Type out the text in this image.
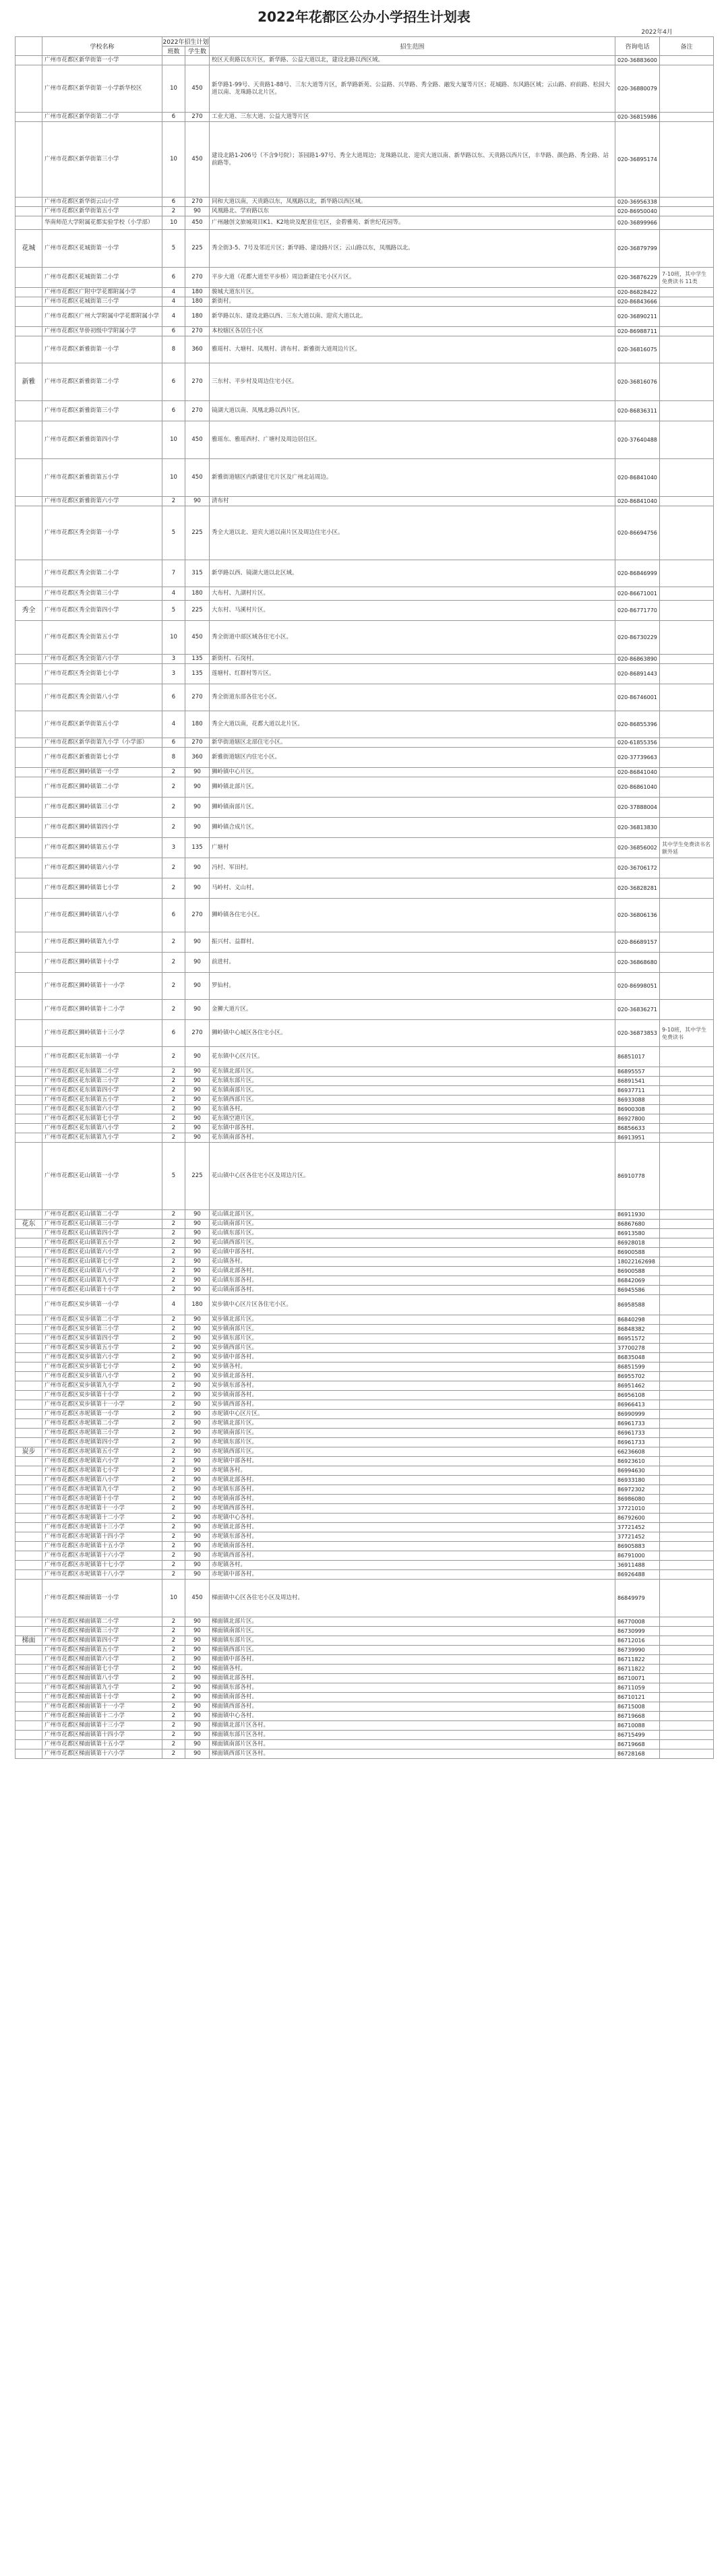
2022年花都区公办小学招生计划表
2022年4月
	学校名称	2022年招生计划		招生范围	咨询电话	备注
		班数	学生数			
	广州市花都区新华街第一小学			校区天贵路以东片区，新华路、公益大道以北，建设北路以西区域。	020-36883600	
	广州市花都区新华街第一小学新华校区	10	450	新华路1-99号、天贵路1-88号、三东大道等片区，新华路新苑、公益路、兴华路、秀全路、融发大厦等片区；花城路、东风路区域；云山路、府前路、松园大道以南、龙珠路以北片区。	020-36880079	
	广州市花都区新华街第二小学	6	270	工业大道、三东大道、公益大道等片区	020-36815986	
	广州市花都区新华街第三小学	10	450	建设北路1-206号（不含9号院）；茶园路1-97号、秀全大道周边；龙珠路以北、迎宾大道以南、新华路以东、天贵路以西片区，丰华路、颜色路、秀全路、站前路等。	020-36895174	
	广州市花都区新华街云山小学	6	270	同和大道以南，天贵路以东，凤凰路以北，新华路以西区域。	020-36956338	
	广州市花都区新华街第五小学	2	90	风凰路北、学府路以东	020-86950040	
	华南师范大学附属花都实验学校（小学部）	10	450	广州融创文旅城项目K1、K2地块及配套住宅区，金碧雅苑、新世纪花园等。	020-36899966	
花城	广州市花都区花城街第一小学	5	225	秀全街3-5、7号及邻近片区；新华路、建设路片区；云山路以东，凤凰路以北。	020-36879799	
	广州市花都区花城街第二小学	6	270	平步大道（花都大道至平步桥）周边新建住宅小区片区。	020-36876229	7-10班，其中学生免费读书 11类
	广州市花都区广附中学花都附属小学	4	180	骏城大道东片区。	020-86828422	
	广州市花都区花城街第三小学	4	180	新街村。	020-86843666	
	广州市花都区广州大学附属中学花都附属小学	4	180	新华路以东、建设北路以西、三东大道以南、迎宾大道以北。	020-36890211	
	广州市花都区华侨初级中学附属小学	6	270	本校辖区各居住小区	020-86988711	
	广州市花都区新雅街第一小学	8	360	雅瑶村、大塘村、凤凰村、清布村、新雅街大道周边片区。	020-36816075	
新雅	广州市花都区新雅街第二小学	6	270	三东村、平步村及周边住宅小区。	020-36816076	
	广州市花都区新雅街第三小学	6	270	镜湖大道以南、凤凰北路以西片区。	020-86836311	
	广州市花都区新雅街第四小学	10	450	雅瑶东、雅瑶西村、广塘村及周边居住区。	020-37640488	
	广州市花都区新雅街第五小学	10	450	新雅街道辖区内新建住宅片区及广州北站周边。	020-86841040	
	广州市花都区新雅街第六小学	2	90	清布村	020-86841040	
	广州市花都区秀全街第一小学	5	225	秀全大道以北、迎宾大道以南片区及周边住宅小区。	020-86694756	
	广州市花都区秀全街第二小学	7	315	新华路以西、镜湖大道以北区域。	020-86846999	
	广州市花都区秀全街第三小学	4	180	大布村、九湖村片区。	020-86671001	
秀全	广州市花都区秀全街第四小学	5	225	大东村、马溪村片区。	020-86771770	
	广州市花都区秀全街第五小学	10	450	秀全街道中部区域各住宅小区。	020-86730229	
	广州市花都区秀全街第六小学	3	135	新街村、石岗村。	020-86863890	
	广州市花都区秀全街第七小学	3	135	莲塘村、红群村等片区。	020-86891443	
	广州市花都区秀全街第八小学	6	270	秀全街道东部各住宅小区。	020-86746001	
	广州市花都区新华街第五小学	4	180	秀全大道以南，花都大道以北片区。	020-86855396	
	广州市花都区新华街第九小学（小学部）	6	270	新华街道辖区北部住宅小区。	020-61855356	
	广州市花都区新雅街第七小学	8	360	新雅街道辖区内住宅小区。	020-37739663	
	广州市花都区狮岭镇第一小学	2	90	狮岭镇中心片区。	020-86841040	
	广州市花都区狮岭镇第二小学	2	90	狮岭镇北部片区。	020-86861040	
	广州市花都区狮岭镇第三小学	2	90	狮岭镇南部片区。	020-37888004	
	广州市花都区狮岭镇第四小学	2	90	狮岭镇合成片区。	020-36813830	
	广州市花都区狮岭镇第五小学	3	135	广塘村	020-36856002	其中学生免费读书名额外延
	广州市花都区狮岭镇第六小学	2	90	冯村、军田村。	020-36706172	
	广州市花都区狮岭镇第七小学	2	90	马岭村、义山村。	020-36828281	
	广州市花都区狮岭镇第八小学	6	270	狮岭镇各住宅小区。	020-36806136	
	广州市花都区狮岭镇第九小学	2	90	振兴村、益群村。	020-86689157	
	广州市花都区狮岭镇第十小学	2	90	前进村。	020-36868680	
	广州市花都区狮岭镇第十一小学	2	90	罗仙村。	020-86998051	
	广州市花都区狮岭镇第十二小学	2	90	金狮大道片区。	020-36836271	
	广州市花都区狮岭镇第十三小学	6	270	狮岭镇中心城区各住宅小区。	020-36873853	9-10班，其中学生免费读书
	广州市花都区花东镇第一小学	2	90	花东镇中心区片区。	86851017	
	广州市花都区花东镇第二小学	2	90	花东镇北部片区。	86895557	
	广州市花都区花东镇第三小学	2	90	花东镇东部片区。	86891541	
	广州市花都区花东镇第四小学	2	90	花东镇南部片区。	86937711	
	广州市花都区花东镇第五小学	2	90	花东镇西部片区。	86933088	
	广州市花都区花东镇第六小学	2	90	花东镇各村。	86900308	
	广州市花都区花东镇第七小学	2	90	花东镇空港片区。	86927800	
	广州市花都区花东镇第八小学	2	90	花东镇中部各村。	86856633	
	广州市花都区花东镇第九小学	2	90	花东镇南部各村。	86913951	
	广州市花都区花山镇第一小学	5	225	花山镇中心区各住宅小区及周边片区。	86910778	
	广州市花都区花山镇第二小学	2	90	花山镇北部片区。	86911930	
花东	广州市花都区花山镇第三小学	2	90	花山镇南部片区。	86867680	
	广州市花都区花山镇第四小学	2	90	花山镇东部片区。	86913580	
	广州市花都区花山镇第五小学	2	90	花山镇西部片区。	86928018	
	广州市花都区花山镇第六小学	2	90	花山镇中部各村。	86900588	
	广州市花都区花山镇第七小学	2	90	花山镇各村。	18022162698	
	广州市花都区花山镇第八小学	2	90	花山镇北部各村。	86900588	
	广州市花都区花山镇第九小学	2	90	花山镇东部各村。	86842069	
	广州市花都区花山镇第十小学	2	90	花山镇南部各村。	86945586	
	广州市花都区炭步镇第一小学	4	180	炭步镇中心区片区各住宅小区。	86958588	
	广州市花都区炭步镇第二小学	2	90	炭步镇北部片区。	86840298	
	广州市花都区炭步镇第三小学	2	90	炭步镇南部片区。	86848382	
	广州市花都区炭步镇第四小学	2	90	炭步镇东部片区。	86951572	
	广州市花都区炭步镇第五小学	2	90	炭步镇西部片区。	37700278	
	广州市花都区炭步镇第六小学	2	90	炭步镇中部各村。	86835048	
	广州市花都区炭步镇第七小学	2	90	炭步镇各村。	86851599	
	广州市花都区炭步镇第八小学	2	90	炭步镇北部各村。	86955702	
	广州市花都区炭步镇第九小学	2	90	炭步镇东部各村。	86951462	
	广州市花都区炭步镇第十小学	2	90	炭步镇南部各村。	86956108	
	广州市花都区炭步镇第十一小学	2	90	炭步镇西部各村。	86966413	
	广州市花都区赤坭镇第一小学	2	90	赤坭镇中心区片区。	86990999	
	广州市花都区赤坭镇第二小学	2	90	赤坭镇北部片区。	86961733	
	广州市花都区赤坭镇第三小学	2	90	赤坭镇南部片区。	86961733	
	广州市花都区赤坭镇第四小学	2	90	赤坭镇东部片区。	86961733	
炭步	广州市花都区赤坭镇第五小学	2	90	赤坭镇西部片区。	66236608	
	广州市花都区赤坭镇第六小学	2	90	赤坭镇中部各村。	86923610	
	广州市花都区赤坭镇第七小学	2	90	赤坭镇各村。	86994630	
	广州市花都区赤坭镇第八小学	2	90	赤坭镇北部各村。	86933180	
	广州市花都区赤坭镇第九小学	2	90	赤坭镇东部各村。	86972302	
	广州市花都区赤坭镇第十小学	2	90	赤坭镇南部各村。	86986080	
	广州市花都区赤坭镇第十一小学	2	90	赤坭镇西部各村。	37721010	
	广州市花都区赤坭镇第十二小学	2	90	赤坭镇中心各村。	86792600	
	广州市花都区赤坭镇第十三小学	2	90	赤坭镇北部各村。	37721452	
	广州市花都区赤坭镇第十四小学	2	90	赤坭镇东部各村。	37721452	
	广州市花都区赤坭镇第十五小学	2	90	赤坭镇南部各村。	86905883	
	广州市花都区赤坭镇第十六小学	2	90	赤坭镇西部各村。	86791000	
	广州市花都区赤坭镇第十七小学	2	90	赤坭镇各村。	36911488	
	广州市花都区赤坭镇第十八小学	2	90	赤坭镇中部各村。	86926488	
	广州市花都区梯面镇第一小学	10	450	梯面镇中心区各住宅小区及周边村。	86849979	
	广州市花都区梯面镇第二小学	2	90	梯面镇北部片区。	86770008	
	广州市花都区梯面镇第三小学	2	90	梯面镇南部片区。	86730999	
梯面	广州市花都区梯面镇第四小学	2	90	梯面镇东部片区。	86712016	
	广州市花都区梯面镇第五小学	2	90	梯面镇西部片区。	86739990	
	广州市花都区梯面镇第六小学	2	90	梯面镇中部各村。	86711822	
	广州市花都区梯面镇第七小学	2	90	梯面镇各村。	86711822	
	广州市花都区梯面镇第八小学	2	90	梯面镇北部各村。	86710071	
	广州市花都区梯面镇第九小学	2	90	梯面镇东部各村。	86711059	
	广州市花都区梯面镇第十小学	2	90	梯面镇南部各村。	86710121	
	广州市花都区梯面镇第十一小学	2	90	梯面镇西部各村。	86715008	
	广州市花都区梯面镇第十二小学	2	90	梯面镇中心各村。	86719668	
	广州市花都区梯面镇第十三小学	2	90	梯面镇北部片区各村。	86710088	
	广州市花都区梯面镇第十四小学	2	90	梯面镇东部片区各村。	86715499	
	广州市花都区梯面镇第十五小学	2	90	梯面镇南部片区各村。	86719668	
	广州市花都区梯面镇第十六小学	2	90	梯面镇西部片区各村。	86728168	
